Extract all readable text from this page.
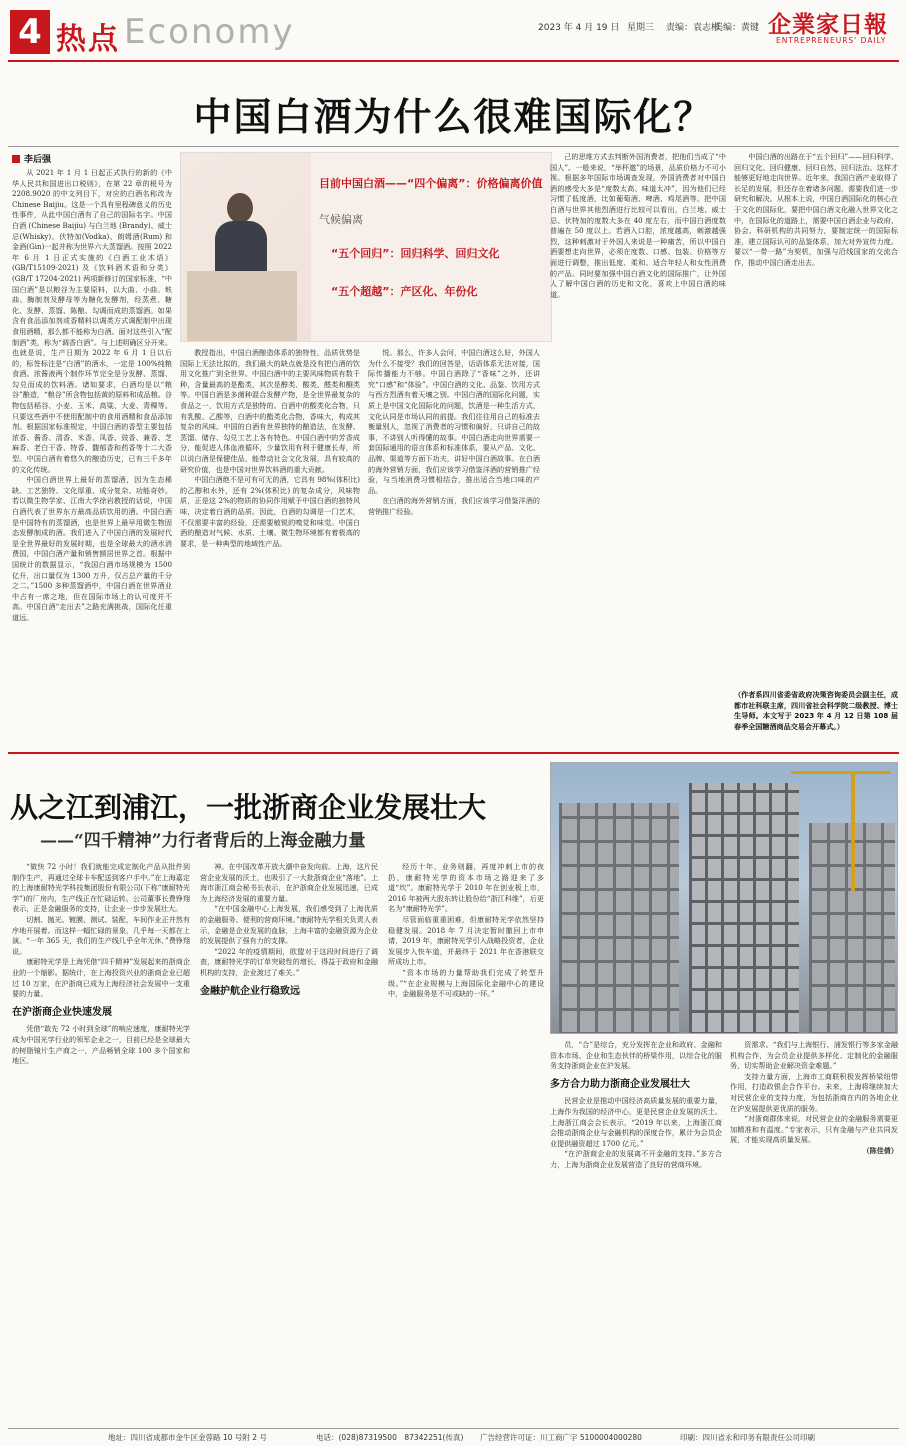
4 热点 Economy	2023 年 4 月 19 日 星期三 责编：袁志彬
美编：黄键 企業家日報
ENTREPRENEURS' DAILY
中国白酒为什么很难国际化？
李后强

从 2021 年 1 月 1 日起正式执行的新的《中华人民共和国进出口税则》，在第 22 章的税号为 2208.9020 的中文列目下，对应的白酒名称改为 Chinese Baijiu。这是一个具有里程碑意义的历史性事件，从此中国白酒有了自己的国际名字。中国白酒 (Chinese Baijiu) 与白兰地 (Brandy)、威士忌(Whisky)、伏特加(Vodka)、朗姆酒(Rum) 和金酒(Gin)一起并称为世界六大蒸馏酒。按照 2022 年 6 月 1 日正式实施的《白酒工业术语》(GB/T15109-2021) 及《饮料酒术语和分类》(GB/T 17204-2021) 两项新修订的国家标准，“中国白酒”是以粮谷为主要原料，以大曲、小曲、麸曲、酶制剂及酵母等为糖化发酵剂，经蒸煮、糖化、发酵、蒸馏、陈酿、勾调而成的蒸馏酒。如果含有食品添加剂或香精料以调类方式调配制中出现食用酒精，那么都不能称为白酒。面对这些引入“配制酒”类，称为“调香白酒”。与上述明确区分开来。也就是说，生产日期为 2022 年 6 月 1 日以后的，标签标注是“白酒”的酒水，一定是 100%纯粮食酒。浓酱液两个制作环节完全是分发酵、蒸馏、勾兑而成的饮料酒。诸如要求，白酒均是以“粮谷”酿造，“粮谷”所含物包括黄的原料和成品粮。谷物包括稻谷、小麦、玉米、高粱、大麦、青稞等。只要这些酒中不使用配制中的食用酒精和食品添加剂。根据国家标准规定，中国白酒的香型主要包括浓香、酱香、清香、米香、凤香、豉香、兼香、芝麻香、老白干香、特香、馥郁香和药香等十二大香型。中国白酒有着悠久的酿造历史，已有三千多年的文化传统。

中国白酒世界上最好的蒸馏酒，因为生态稀缺、工艺独特、文化厚重、成分复杂、功能奇妙。若以微生物学家、江南大学徐岩教授的话说，中国白酒代表了世界东方最高品质饮用的酒。中国白酒是中国特有的蒸馏酒，也是世界上最早用微生物固态发酵制成的酒。我们进入了中国白酒的发展时代是全世界最好的发展时期，也是全球最大的酒水消费国，中国白酒产量和销售额居世界之首。根据中国统计的数据显示，“我国白酒市场规模为 1500 亿升，出口量仅为 1300 万升，仅占总产量的千分之二。”1500 多种蒸馏酒中，中国白酒在世界酒业中占有一席之地，但在国际市场上的认可度并不高。中国白酒“走出去”之路充满挑战，国际化任重道远。

目前中国白酒——“四个偏离”：价格偏离价值
气候偏离
“五个回归”：回归科学、回归文化
“五个超越”：产区化、年份化

教授指出，中国白酒酿造体系的独特性，品质优势是国际上无法比拟的，我们最大的缺点就是没有把白酒的饮用文化推广到全世界。中国白酒中的主要风味物质有数千种，含量最高的是酯类，其次是醇类、酸类、醛类和酮类等。中国白酒是多菌种混合发酵产物，是全世界最复杂的食品之一，饮用方式是独特的。白酒中的酸类化合物，只有乳酸、乙酸等，白酒中的酯类化合物，香味大，构成其复杂的风味。中国的白酒有世界独特的酿造法，在发酵、蒸馏、储存、勾兑工艺上各有特色。中国白酒中的芳香成分，能促进人体血液循环，少量饮用有利于健康长寿，所以说白酒是保健佳品，能带动社会文化发展，具有较高的研究价值，也是中国对世界饮料酒的重大贡献。

中国白酒绝不是可有可无的酒，它具有 98%(体积比) 的乙醇和水外，还有 2%(体积比) 的复杂成分，风味物质，正是这 2%的物质的协同作用赋予中国白酒的独特风味，决定着白酒的品质。因此，白酒的勾调是一门艺术，不仅需要丰富的经验，还需要敏锐的嗅觉和味觉。中国白酒的酿造对气候、水质、土壤、微生物环境都有着极高的要求，是一种典型的地域性产品。

悦。那么，许多人会问，中国白酒这么好，外国人为什么不接受？我们的回答是，话语体系无法对接，国际传播能力不够。中国白酒除了“香味”之外，还讲究“口感”和“体验”。中国白酒的文化、品鉴、饮用方式与西方烈酒有着天壤之别。中国白酒的国际化问题，实质上是中国文化国际化的问题，饮酒是一种生活方式，文化认同是市场认同的前提。我们往往用自己的标准去衡量别人，忽视了消费者的习惯和偏好，只讲自己的故事，不讲别人听得懂的故事。中国白酒走向世界需要一套国际通用的语言体系和标准体系，要从产品、文化、品牌、渠道等方面下功夫，讲好中国白酒故事。在白酒的海外营销方面，我们应该学习借鉴洋酒的营销推广经验，与当地消费习惯相结合，推出适合当地口味的产品。

在白酒的海外营销方面，我们应该学习借鉴洋酒的营销推广经验。

己的思维方式去判断外国消费者，把他们当成了“中国人”。一般来说，“举杯邀”的场景，品质价格力不可小视。根据多年国际市场调查发现，外国消费者对中国白酒的感受大多是“度数太高、味道太冲”，因为他们已经习惯了低度酒，比如葡萄酒、啤酒、鸡尾酒等。把中国白酒与世界其他烈酒进行比较可以看出，白兰地、威士忌、伏特加的度数大多在 40 度左右，而中国白酒度数普遍在 50 度以上。若酒入口腔，浓度越高，刺激越强烈，这种刺激对于外国人来说是一种痛苦，所以中国白酒要想走向世界，必须在度数、口感、包装、价格等方面进行调整，推出低度、柔和、适合年轻人和女性消费的产品。同时要加强中国白酒文化的国际推广，让外国人了解中国白酒的历史和文化，喜欢上中国白酒的味道。

中国白酒的出路在于“五个回归”——回归科学、回归文化、回归健康、回归自然、回归法治。这样才能够更好地走向世界。近年来，我国白酒产业取得了长足的发展，但还存在着诸多问题，需要我们进一步研究和解决。从根本上说，中国白酒国际化的核心在于文化的国际化，要把中国白酒文化融入世界文化之中，在国际化的道路上，需要中国白酒企业与政府、协会、科研机构的共同努力，要制定统一的国际标准，建立国际认可的品鉴体系，加大对外宣传力度。要以“一带一路”为契机，加强与沿线国家的交流合作，推动中国白酒走出去。

（作者系四川省委省政府决策咨询委员会副主任，成都市社科联主席，四川省社会科学院二级教授、博士生导师。本文写于 2023 年 4 月 12 日第 108 届春季全国糖酒商品交易会开幕式。）
从之江到浦江，一批浙商企业发展壮大
——“四千精神”力行者背后的上海金融力量

“做快 72 小时！我们就能完成定制化产品从批件到制作生产，再通过全球卡车配送到客户手中。”在上海嘉定的上海康耐特光学科技集团股份有限公司(下称“康耐特光学”)的厂房内，生产线正在忙碌运转。公司董事长费铮翔表示，正是金融服务的支持，让企业一步步发展壮大。

切割、抛光、镀膜、测试、装配，车间作业正井然有序地开展着。而这样一幅忙碌的景象，几乎每一天都在上演。“一年 365 天，我们的生产线几乎全年无休，”费铮翔说。

康耐特光学是上海凭借“四千精神”发展起来的浙商企业的一个缩影。据统计，在上海投资兴业的浙商企业已超过 10 万家，在沪浙商已成为上海经济社会发展中一支重要的力量。

在沪浙商企业快速发展

凭借“敢先 72 小时到全球”的响应速度，康耐特光学成为中国光学行业的领军企业之一，目前已经是全球最大的树脂镜片生产商之一，产品畅销全球 100 多个国家和地区。

神。在中国改革开放大潮中奋发向前。上海，这片民营企业发展的沃土，也吸引了一大批浙商企业“落地”。上海市浙江商会秘书长表示，在沪浙商企业发展迅速，已成为上海经济发展的重要力量。

“在中国金融中心上海发展，我们感受到了上海优质的金融服务、便利的营商环境。”康耐特光学相关负责人表示，金融是企业发展的血脉，上海丰富的金融资源为企业的发展提供了强有力的支撑。

“2022 年的疫情期间，欧盟对于这段时间进行了调查，康耐特光学的订单突破性的增长，得益于政府和金融机构的支持，企业渡过了难关。”

金融护航企业行稳致远

经历十年，业务则翻，再度冲刺上市的夜扔，康耐特光学的资本市场之路迎来了多道“坎”。康耐特光学于 2010 年在创业板上市，2016 年被两大股东转让股份给“浙江科维”，后更名为“康耐特光学”。

尽管面临重重困难，但康耐特光学依然坚持稳健发展。2018 年 7 月决定暂时撤回上市申请，2019 年，康耐特光学引入战略投资者，企业发展步入快车道，并最终于 2021 年在香港联交所成功上市。

“资本市场的力量帮助我们完成了转型升级。”“在企业规模与上海国际化金融中心的建设中，金融服务是不可或缺的一环。”

员，“合”是综合，充分发挥在企业和政府、金融和资本市场、企业和生态伙伴的桥梁作用，以综合化的服务支持浙商企业在沪发展。

多方合力助力浙商企业发展壮大

民营企业是推动中国经济高质量发展的重要力量，上海作为我国的经济中心，更是民营企业发展的沃土。上海浙江商会会长表示，“2019 年以来，上海浙江商会推动浙商企业与金融机构的深度合作，累计为会员企业提供融资超过 1700 亿元。”

“在沪浙商企业的发展离不开金融的支持。”多方合力，上海为浙商企业发展营造了良好的营商环境。

资需求。“我们与上海银行、浦发银行等多家金融机构合作，为会员企业提供多样化、定制化的金融服务，切实帮助企业解决资金难题。”

支持力量方面，上海市工商联积极发挥桥梁纽带作用，打造政银企合作平台。未来，上海将继续加大对民营企业的支持力度，为包括浙商在内的各地企业在沪发展提供更优质的服务。

“对浙商群体来说，对民营企业的金融服务需要更加精准和有温度。”专家表示，只有金融与产业共同发展，才能实现高质量发展。

（陈佳倩）
地址：四川省成都市金牛区金蓉路 10 号附 2 号	电话：(028)87319500　87342251(传真) 广告经营许可证：川工商广字 5100004000280	印刷：四川省永和印务有限责任公司印刷
